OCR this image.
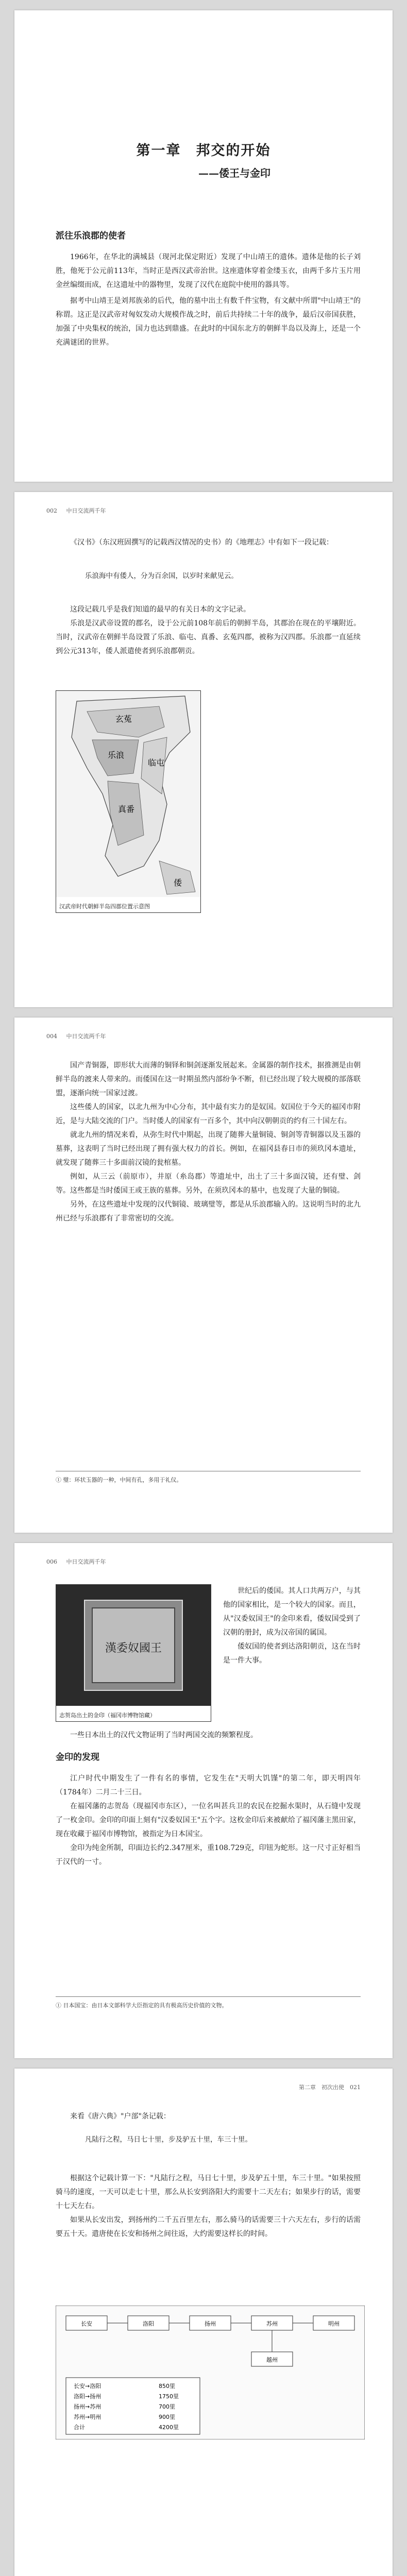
第一章　邦交的开始
——倭王与金印
派往乐浪郡的使者

1966年，在华北的满城县（现河北保定附近）发现了中山靖王的遗体。遗体是他的长子刘胜，他死于公元前113年，当时正是西汉武帝治世。这座遗体穿着金缕玉衣，由两千多片玉片用金丝编缀而成，在这遗址中的器物里，发现了汉代在庭院中使用的器具等。

据考中山靖王是刘邦族弟的后代，他的墓中出土有数千件宝物，有文献中所谓"中山靖王"的称谓。这正是汉武帝对匈奴发动大规模作战之时，前后共持续二十年的战争，最后汉帝国获胜，加强了中央集权的统治，国力也达到鼎盛。在此时的中国东北方的朝鲜半岛以及海上，还是一个充满谜团的世界。

002 中日交流两千年

《汉书》（东汉班固撰写的记载西汉情况的史书）的《地理志》中有如下一段记载：

乐浪海中有倭人，分为百余国，以岁时来献见云。

这段记载几乎是我们知道的最早的有关日本的文字记录。

乐浪是汉武帝设置的郡名，设于公元前108年前后的朝鲜半岛，其郡治在现在的平壤附近。当时，汉武帝在朝鲜半岛设置了乐浪、临屯、真番、玄菟四郡，被称为汉四郡。乐浪郡一直延续到公元313年，倭人派遣使者到乐浪郡朝贡。

玄菟
乐浪
临屯
真番
倭
汉武帝时代朝鲜半岛四郡位置示意图
004 中日交流两千年

国产青铜器，即形状大而薄的铜铎和铜剑逐渐发展起来。金属器的制作技术，据推测是由朝鲜半岛的渡来人带来的。而倭国在这一时期虽然内部纷争不断，但已经出现了较大规模的部落联盟，逐渐向统一国家过渡。

这些倭人的国家，以北九州为中心分布，其中最有实力的是奴国。奴国位于今天的福冈市附近，是与大陆交流的门户。当时倭人的国家有一百多个，其中向汉朝朝贡的约有三十国左右。

就北九州的情况来看，从弥生时代中期起，出现了随葬大量铜镜、铜剑等青铜器以及玉器的墓葬，这表明了当时已经出现了拥有强大权力的首长。例如，在福冈县春日市的须玖冈本遗址，就发现了随葬三十多面前汉镜的瓮棺墓。

例如，从三云（前原市），井原（糸岛郡）等遗址中，出土了三十多面汉镜，还有璧、剑等。这些都是当时倭国王或王族的墓葬。另外，在须玖冈本的墓中，也发现了大量的铜镜。

另外，在这些遗址中发现的汉代铜镜、玻璃璧等，都是从乐浪郡输入的。这说明当时的北九州已经与乐浪郡有了非常密切的交流。

① 璧：环状玉器的一种，中间有孔，多用于礼仪。
006 中日交流两千年
漢委奴國王
志贺岛出土的金印（福冈市博物馆藏）

世纪后的倭国。其人口共两万户，与其他的国家相比，是一个较大的国家。而且，从"汉委奴国王"的金印来看，倭奴国受到了汉朝的册封，成为汉帝国的属国。

倭奴国的使者到达洛阳朝贡，这在当时是一件大事。

一些日本出土的汉代文物证明了当时两国交流的频繁程度。

金印的发现

江户时代中期发生了一件有名的事情，它发生在"天明大饥馑"的第二年，即天明四年（1784年）二月二十三日。

在福冈藩的志贺岛（现福冈市东区），一位名叫甚兵卫的农民在挖掘水渠时，从石缝中发现了一枚金印。金印的印面上刻有"汉委奴国王"五个字。这枚金印后来被献给了福冈藩主黑田家，现在收藏于福冈市博物馆，被指定为日本国宝。

金印为纯金所制，印面边长约2.347厘米，重108.729克，印钮为蛇形。这一尺寸正好相当于汉代的一寸。

① 日本国宝：由日本文部科学大臣指定的具有极高历史价值的文物。
第二章　初次出使　021

来看《唐六典》"户部"条记载：

凡陆行之程，马日七十里，步及驴五十里，车三十里。

根据这个记载计算一下："凡陆行之程，马日七十里，步及驴五十里，车三十里。"如果按照骑马的速度，一天可以走七十里，那么从长安到洛阳大约需要十二天左右；如果步行的话，需要十七天左右。

如果从长安出发，到扬州约二千五百里左右，那么骑马的话需要三十六天左右，步行的话需要五十天。遣唐使在长安和扬州之间往返，大约需要这样长的时间。

长安	洛阳	扬州	苏州	明州
越州
长安→洛阳	850里
洛阳→扬州	1750里
扬州→苏州	700里
苏州→明州	900里
合计	4200里
